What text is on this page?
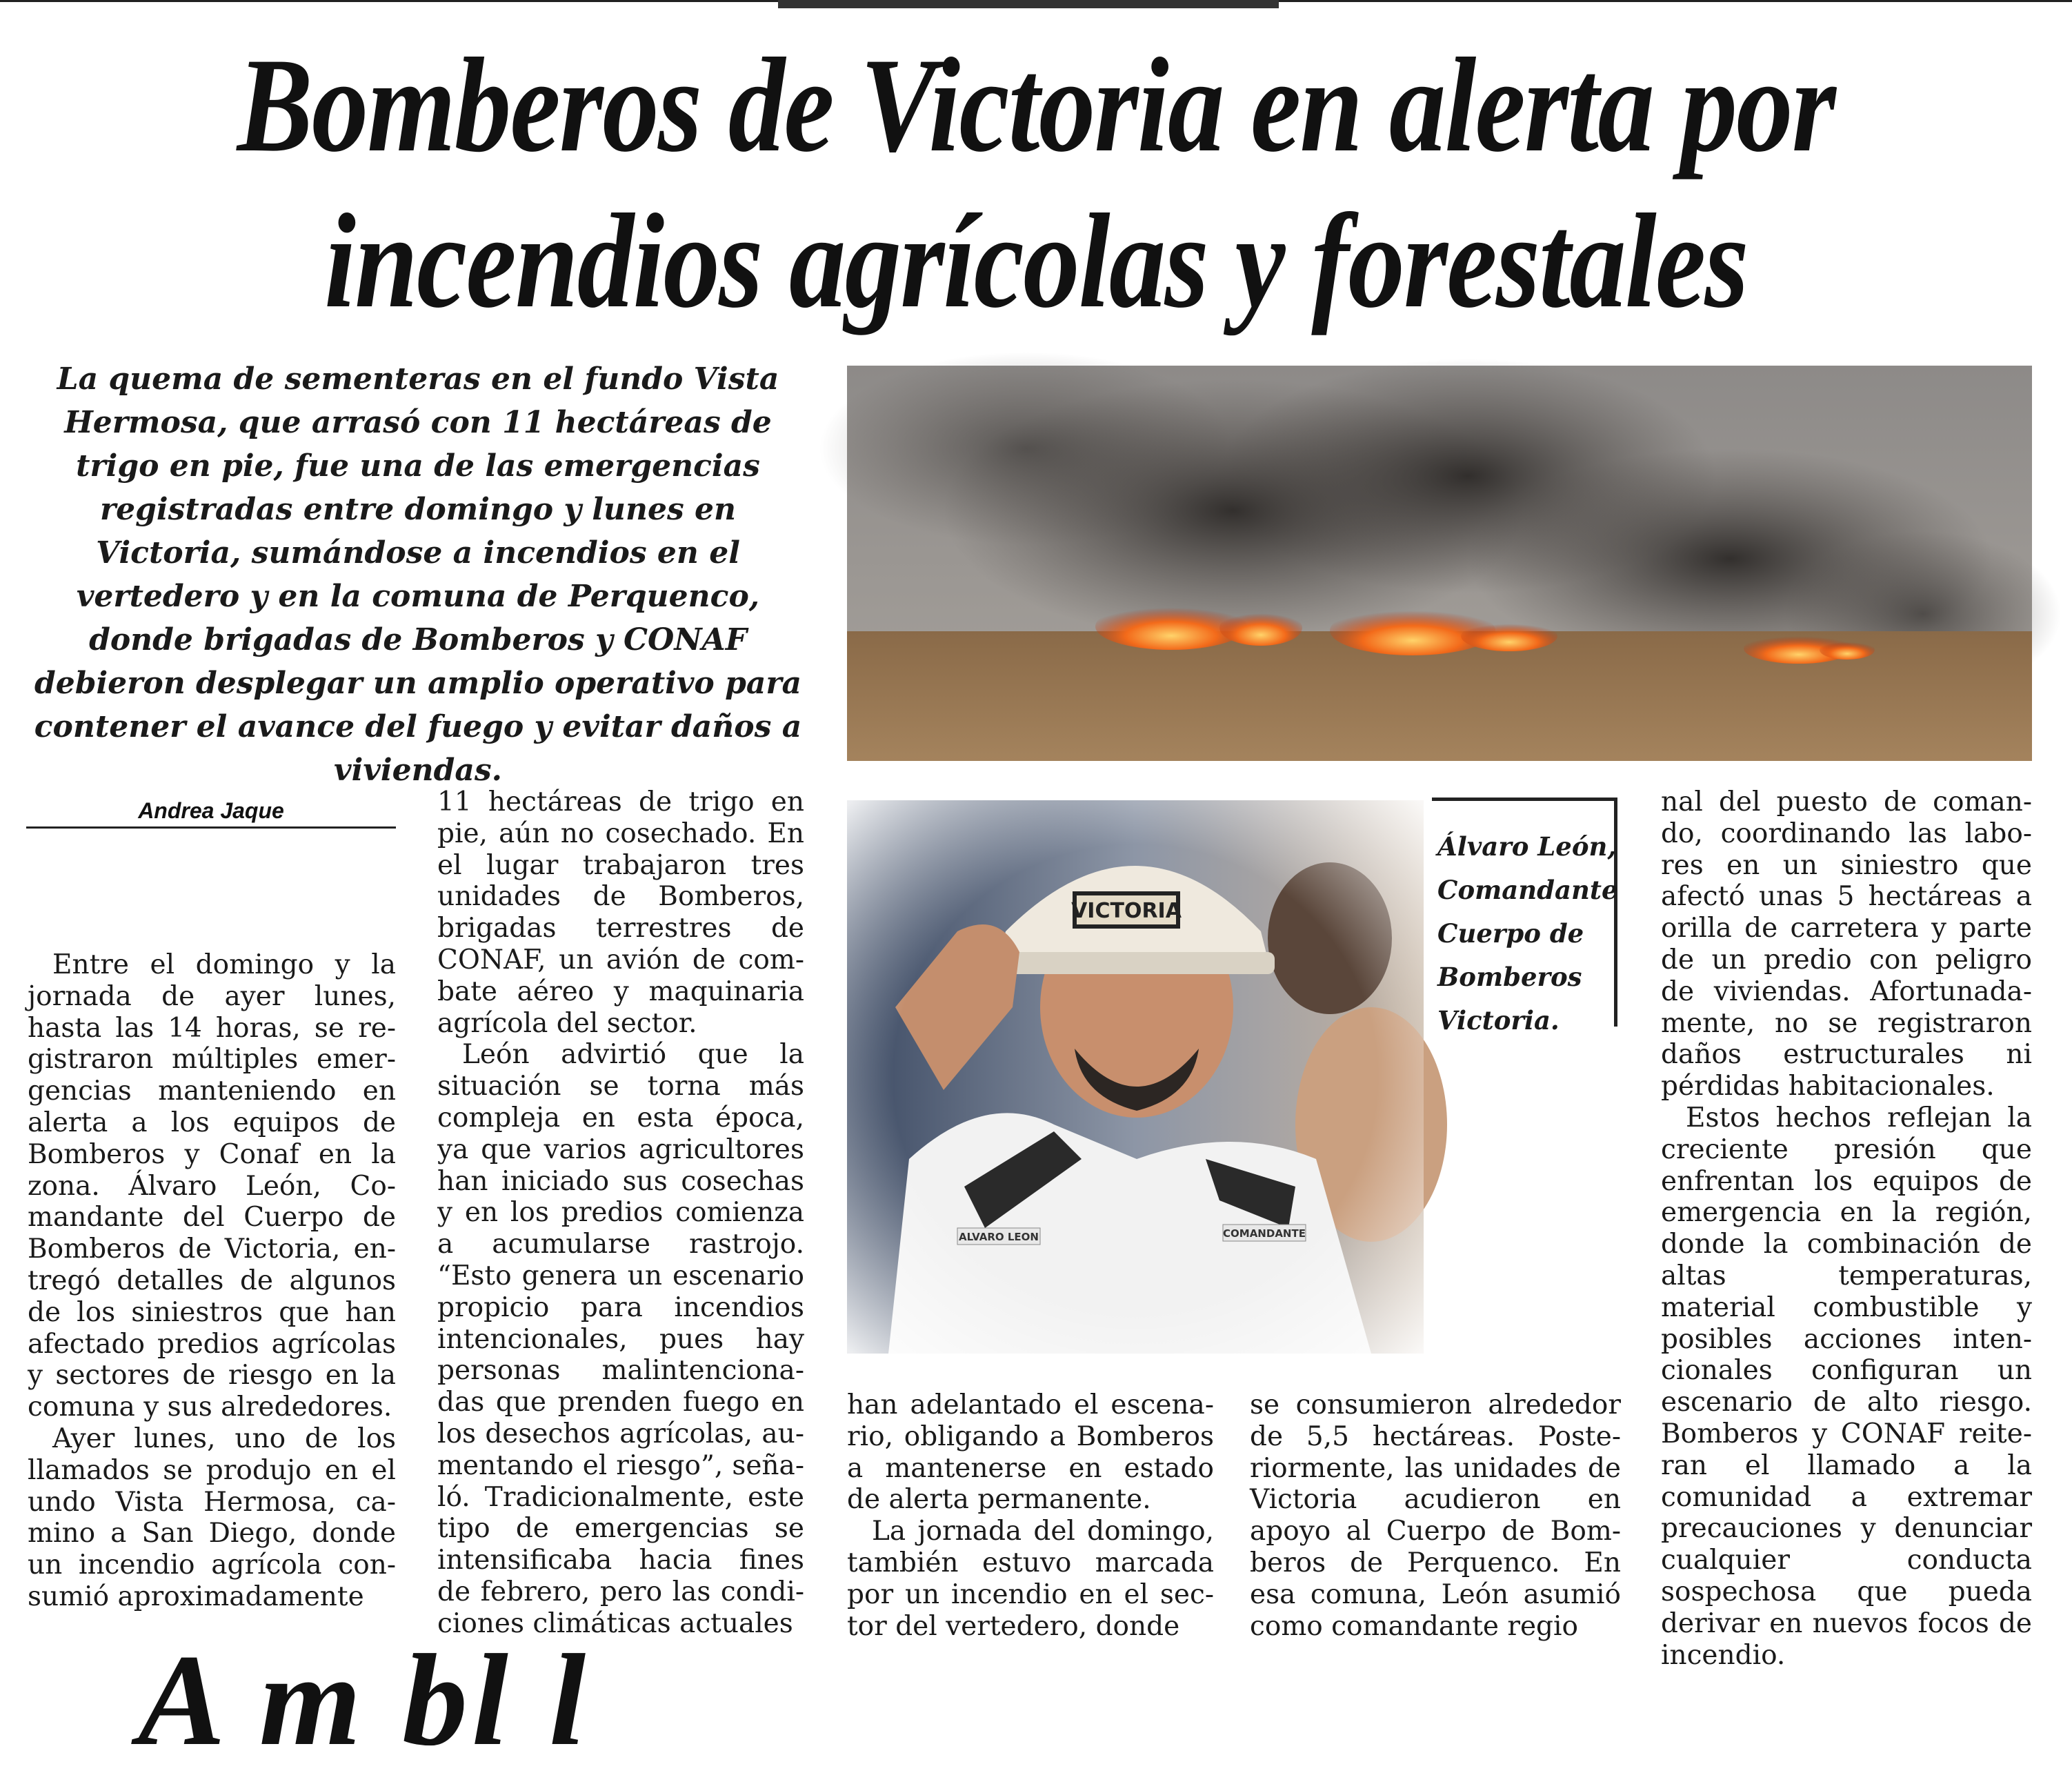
Bomberos de Victoria en alerta por
incendios agrícolas y forestales
La quema de sementeras en el fundo Vista Hermosa, que arrasó con 11 hectáreas de trigo en pie, fue una de las emergencias registradas entre domingo y lunes en Victoria, sumándose a incendios en el vertedero y en la comuna de Perquenco, donde brigadas de Bomberos y CONAF debieron desplegar un amplio operativo para contener el avance del fuego y evitar daños a viviendas.
Andrea Jaque

Entre el domingo y la jornada de ayer lunes, hasta las 14 horas, se registraron múltiples emergencias manteniendo en alerta a los equipos de Bomberos y Conaf en la zona. Álvaro León, Comandante del Cuerpo de Bomberos de Victoria, entregó detalles de algunos de los siniestros que han afectado predios agrícolas y sectores de riesgo en la comuna y sus alrededores.

Ayer lunes, uno de los llamados se produjo en el undo Vista Hermosa, camino a San Diego, donde un incendio agrícola consumió aproximadamente

11 hectáreas de trigo en pie, aún no cosechado. En el lugar trabajaron tres unidades de Bomberos, brigadas terrestres de CONAF, un avión de combate aéreo y maquinaria agrícola del sector.

León advirtió que la situación se torna más compleja en esta época, ya que varios agricultores han iniciado sus cosechas y en los predios comienza a acumularse rastrojo. “Esto genera un escenario propicio para incendios intencionales, pues hay personas malintencionadas que prenden fuego en los desechos agrícolas, aumentando el riesgo”, señaló. Tradicionalmente, este tipo de emergencias se intensificaba hacia fines de febrero, pero las condiciones climáticas actuales

Álvaro León, Comandante Cuerpo de Bomberos Victoria.

han adelantado el escenario, obligando a Bomberos a mantenerse en estado de alerta permanente.

La jornada del domingo, también estuvo marcada por un incendio en el sector del vertedero, donde

se consumieron alrededor de 5,5 hectáreas. Posteriormente, las unidades de Victoria acudieron en apoyo al Cuerpo de Bomberos de Perquenco. En esa comuna, León asumió como comandante regio

nal del puesto de comando, coordinando las labores en un siniestro que afectó unas 5 hectáreas a orilla de carretera y parte de un predio con peligro de viviendas. Afortunadamente, no se registraron daños estructurales ni pérdidas habitacionales.

Estos hechos reflejan la creciente presión que enfrentan los equipos de emergencia en la región, donde la combinación de altas temperaturas, material combustible y posibles acciones intencionales configuran un escenario de alto riesgo. Bomberos y CONAF reiteran el llamado a la comunidad a extremar precauciones y denunciar cualquier conducta sospechosa que pueda derivar en nuevos focos de incendio.

A m bl l
